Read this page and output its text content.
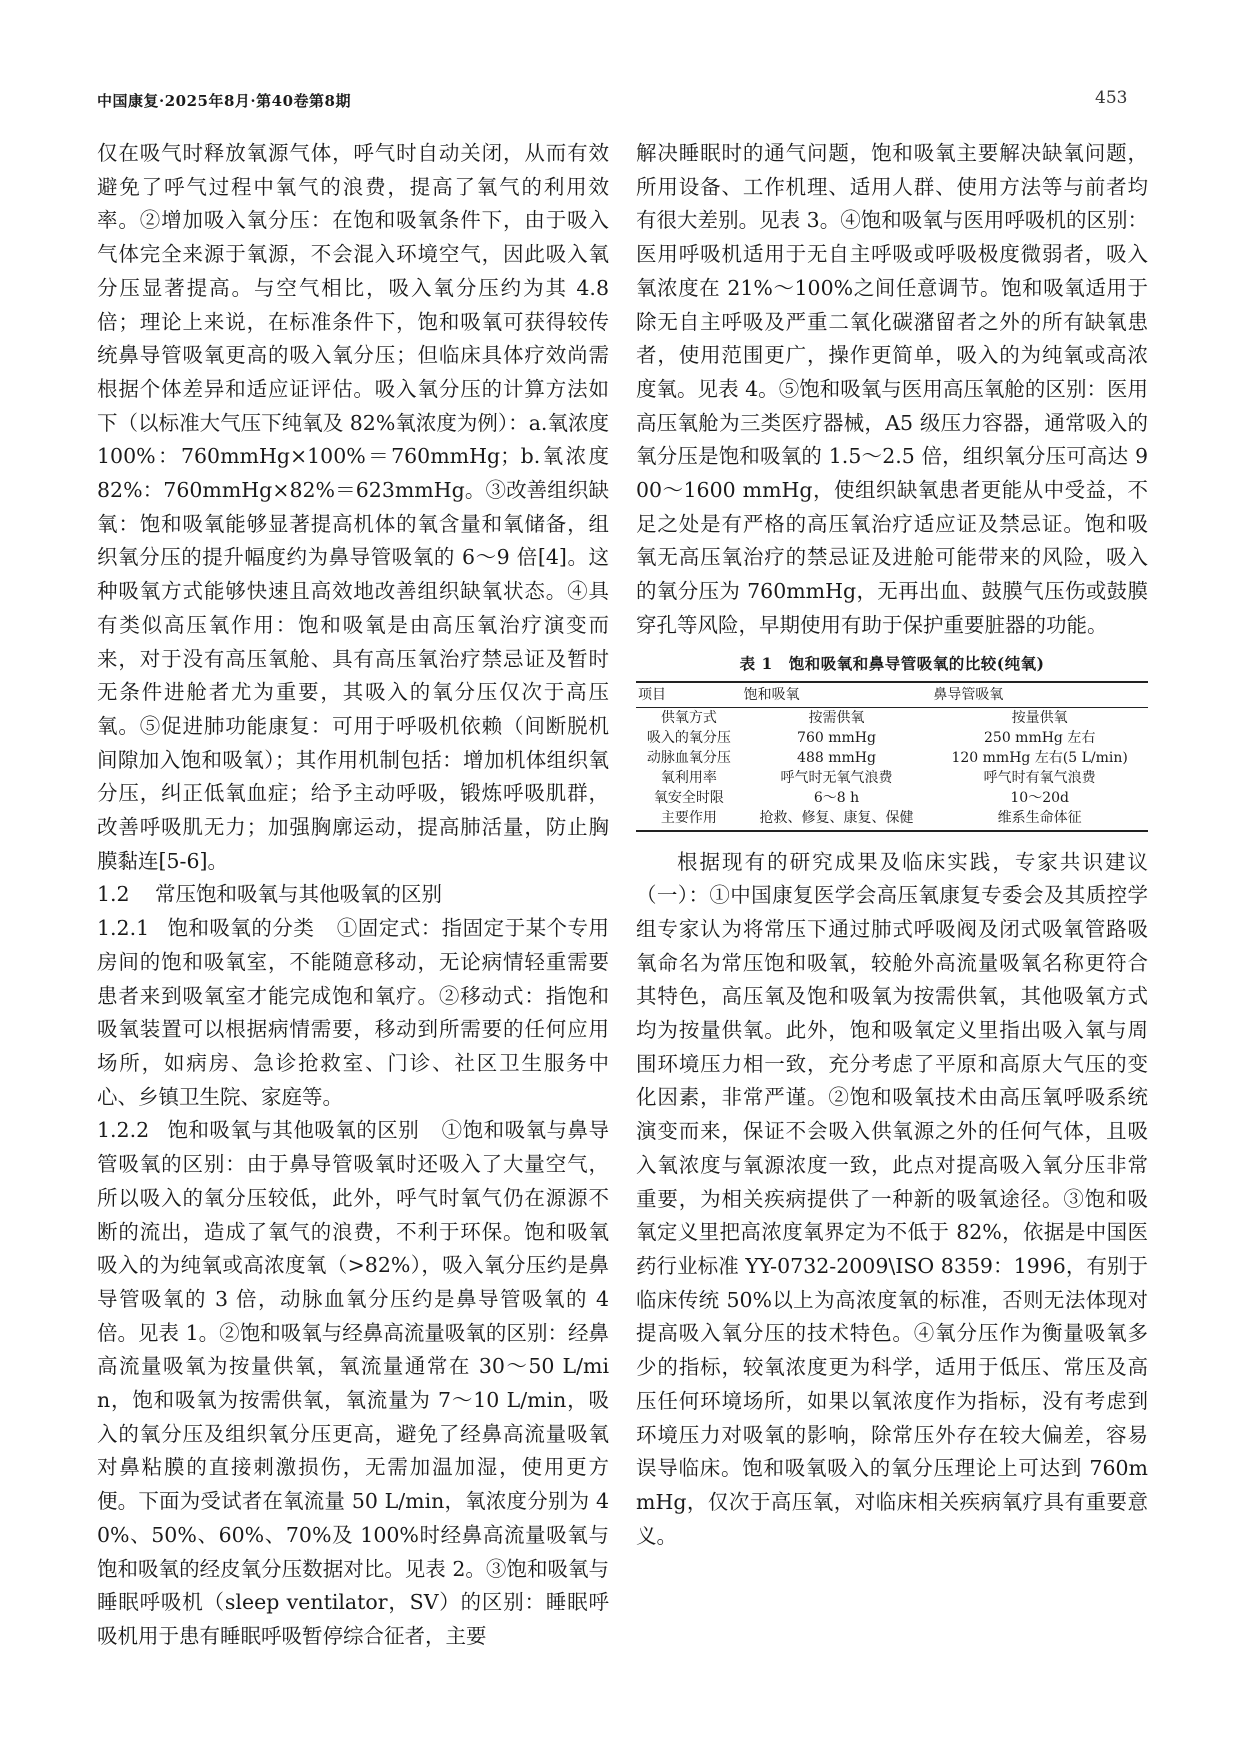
中国康复·2025年8月·第40卷第8期	453

仅在吸气时释放氧源气体，呼气时自动关闭，从而有效避免了呼气过程中氧气的浪费，提高了氧气的利用效率。②增加吸入氧分压：在饱和吸氧条件下，由于吸入气体完全来源于氧源，不会混入环境空气，因此吸入氧分压显著提高。与空气相比，吸入氧分压约为其 4.8 倍；理论上来说，在标准条件下，饱和吸氧可获得较传统鼻导管吸氧更高的吸入氧分压；但临床具体疗效尚需根据个体差异和适应证评估。吸入氧分压的计算方法如下（以标准大气压下纯氧及 82%氧浓度为例）：a.氧浓度 100%：760mmHg×100%＝760mmHg；b.氧浓度 82%：760mmHg×82%＝623mmHg。③改善组织缺氧：饱和吸氧能够显著提高机体的氧含量和氧储备，组织氧分压的提升幅度约为鼻导管吸氧的 6～9 倍[4]。这种吸氧方式能够快速且高效地改善组织缺氧状态。④具有类似高压氧作用：饱和吸氧是由高压氧治疗演变而来，对于没有高压氧舱、具有高压氧治疗禁忌证及暂时无条件进舱者尤为重要，其吸入的氧分压仅次于高压氧。⑤促进肺功能康复：可用于呼吸机依赖（间断脱机间隙加入饱和吸氧）；其作用机制包括：增加机体组织氧分压，纠正低氧血症；给予主动呼吸，锻炼呼吸肌群，改善呼吸肌无力；加强胸廓运动，提高肺活量，防止胸膜黏连[5-6]。

1.2 常压饱和吸氧与其他吸氧的区别

1.2.1 饱和吸氧的分类 ①固定式：指固定于某个专用房间的饱和吸氧室，不能随意移动，无论病情轻重需要患者来到吸氧室才能完成饱和氧疗。②移动式：指饱和吸氧装置可以根据病情需要，移动到所需要的任何应用场所，如病房、急诊抢救室、门诊、社区卫生服务中心、乡镇卫生院、家庭等。

1.2.2 饱和吸氧与其他吸氧的区别 ①饱和吸氧与鼻导管吸氧的区别：由于鼻导管吸氧时还吸入了大量空气，所以吸入的氧分压较低，此外，呼气时氧气仍在源源不断的流出，造成了氧气的浪费，不利于环保。饱和吸氧吸入的为纯氧或高浓度氧（>82%），吸入氧分压约是鼻导管吸氧的 3 倍，动脉血氧分压约是鼻导管吸氧的 4 倍。见表 1。②饱和吸氧与经鼻高流量吸氧的区别：经鼻高流量吸氧为按量供氧，氧流量通常在 30～50 L/min，饱和吸氧为按需供氧，氧流量为 7～10 L/min，吸入的氧分压及组织氧分压更高，避免了经鼻高流量吸氧对鼻粘膜的直接刺激损伤，无需加温加湿，使用更方便。下面为受试者在氧流量 50 L/min，氧浓度分别为 40%、50%、60%、70%及 100%时经鼻高流量吸氧与饱和吸氧的经皮氧分压数据对比。见表 2。③饱和吸氧与睡眠呼吸机（sleep ventilator，SV）的区别：睡眠呼吸机用于患有睡眠呼吸暂停综合征者，主要

解决睡眠时的通气问题，饱和吸氧主要解决缺氧问题，所用设备、工作机理、适用人群、使用方法等与前者均有很大差别。见表 3。④饱和吸氧与医用呼吸机的区别：医用呼吸机适用于无自主呼吸或呼吸极度微弱者，吸入氧浓度在 21%～100%之间任意调节。饱和吸氧适用于除无自主呼吸及严重二氧化碳潴留者之外的所有缺氧患者，使用范围更广，操作更简单，吸入的为纯氧或高浓度氧。见表 4。⑤饱和吸氧与医用高压氧舱的区别：医用高压氧舱为三类医疗器械，A5 级压力容器，通常吸入的氧分压是饱和吸氧的 1.5～2.5 倍，组织氧分压可高达 900～1600 mmHg，使组织缺氧患者更能从中受益，不足之处是有严格的高压氧治疗适应证及禁忌证。饱和吸氧无高压氧治疗的禁忌证及进舱可能带来的风险，吸入的氧分压为 760mmHg，无再出血、鼓膜气压伤或鼓膜穿孔等风险，早期使用有助于保护重要脏器的功能。

表 1　饱和吸氧和鼻导管吸氧的比较(纯氧)
项目	饱和吸氧	鼻导管吸氧
供氧方式	按需供氧	按量供氧
吸入的氧分压	760 mmHg	250 mmHg 左右
动脉血氧分压	488 mmHg	120 mmHg 左右(5 L/min)
氧利用率	呼气时无氧气浪费	呼气时有氧气浪费
氧安全时限	6～8 h	10～20d
主要作用	抢救、修复、康复、保健	维系生命体征

根据现有的研究成果及临床实践，专家共识建议（一）：①中国康复医学会高压氧康复专委会及其质控学组专家认为将常压下通过肺式呼吸阀及闭式吸氧管路吸氧命名为常压饱和吸氧，较舱外高流量吸氧名称更符合其特色，高压氧及饱和吸氧为按需供氧，其他吸氧方式均为按量供氧。此外，饱和吸氧定义里指出吸入氧与周围环境压力相一致，充分考虑了平原和高原大气压的变化因素，非常严谨。②饱和吸氧技术由高压氧呼吸系统演变而来，保证不会吸入供氧源之外的任何气体，且吸入氧浓度与氧源浓度一致，此点对提高吸入氧分压非常重要，为相关疾病提供了一种新的吸氧途径。③饱和吸氧定义里把高浓度氧界定为不低于 82%，依据是中国医药行业标准 YY-0732-2009\ISO 8359：1996，有别于临床传统 50%以上为高浓度氧的标准，否则无法体现对提高吸入氧分压的技术特色。④氧分压作为衡量吸氧多少的指标，较氧浓度更为科学，适用于低压、常压及高压任何环境场所，如果以氧浓度作为指标，没有考虑到环境压力对吸氧的影响，除常压外存在较大偏差，容易误导临床。饱和吸氧吸入的氧分压理论上可达到 760mmHg，仅次于高压氧，对临床相关疾病氧疗具有重要意义。
